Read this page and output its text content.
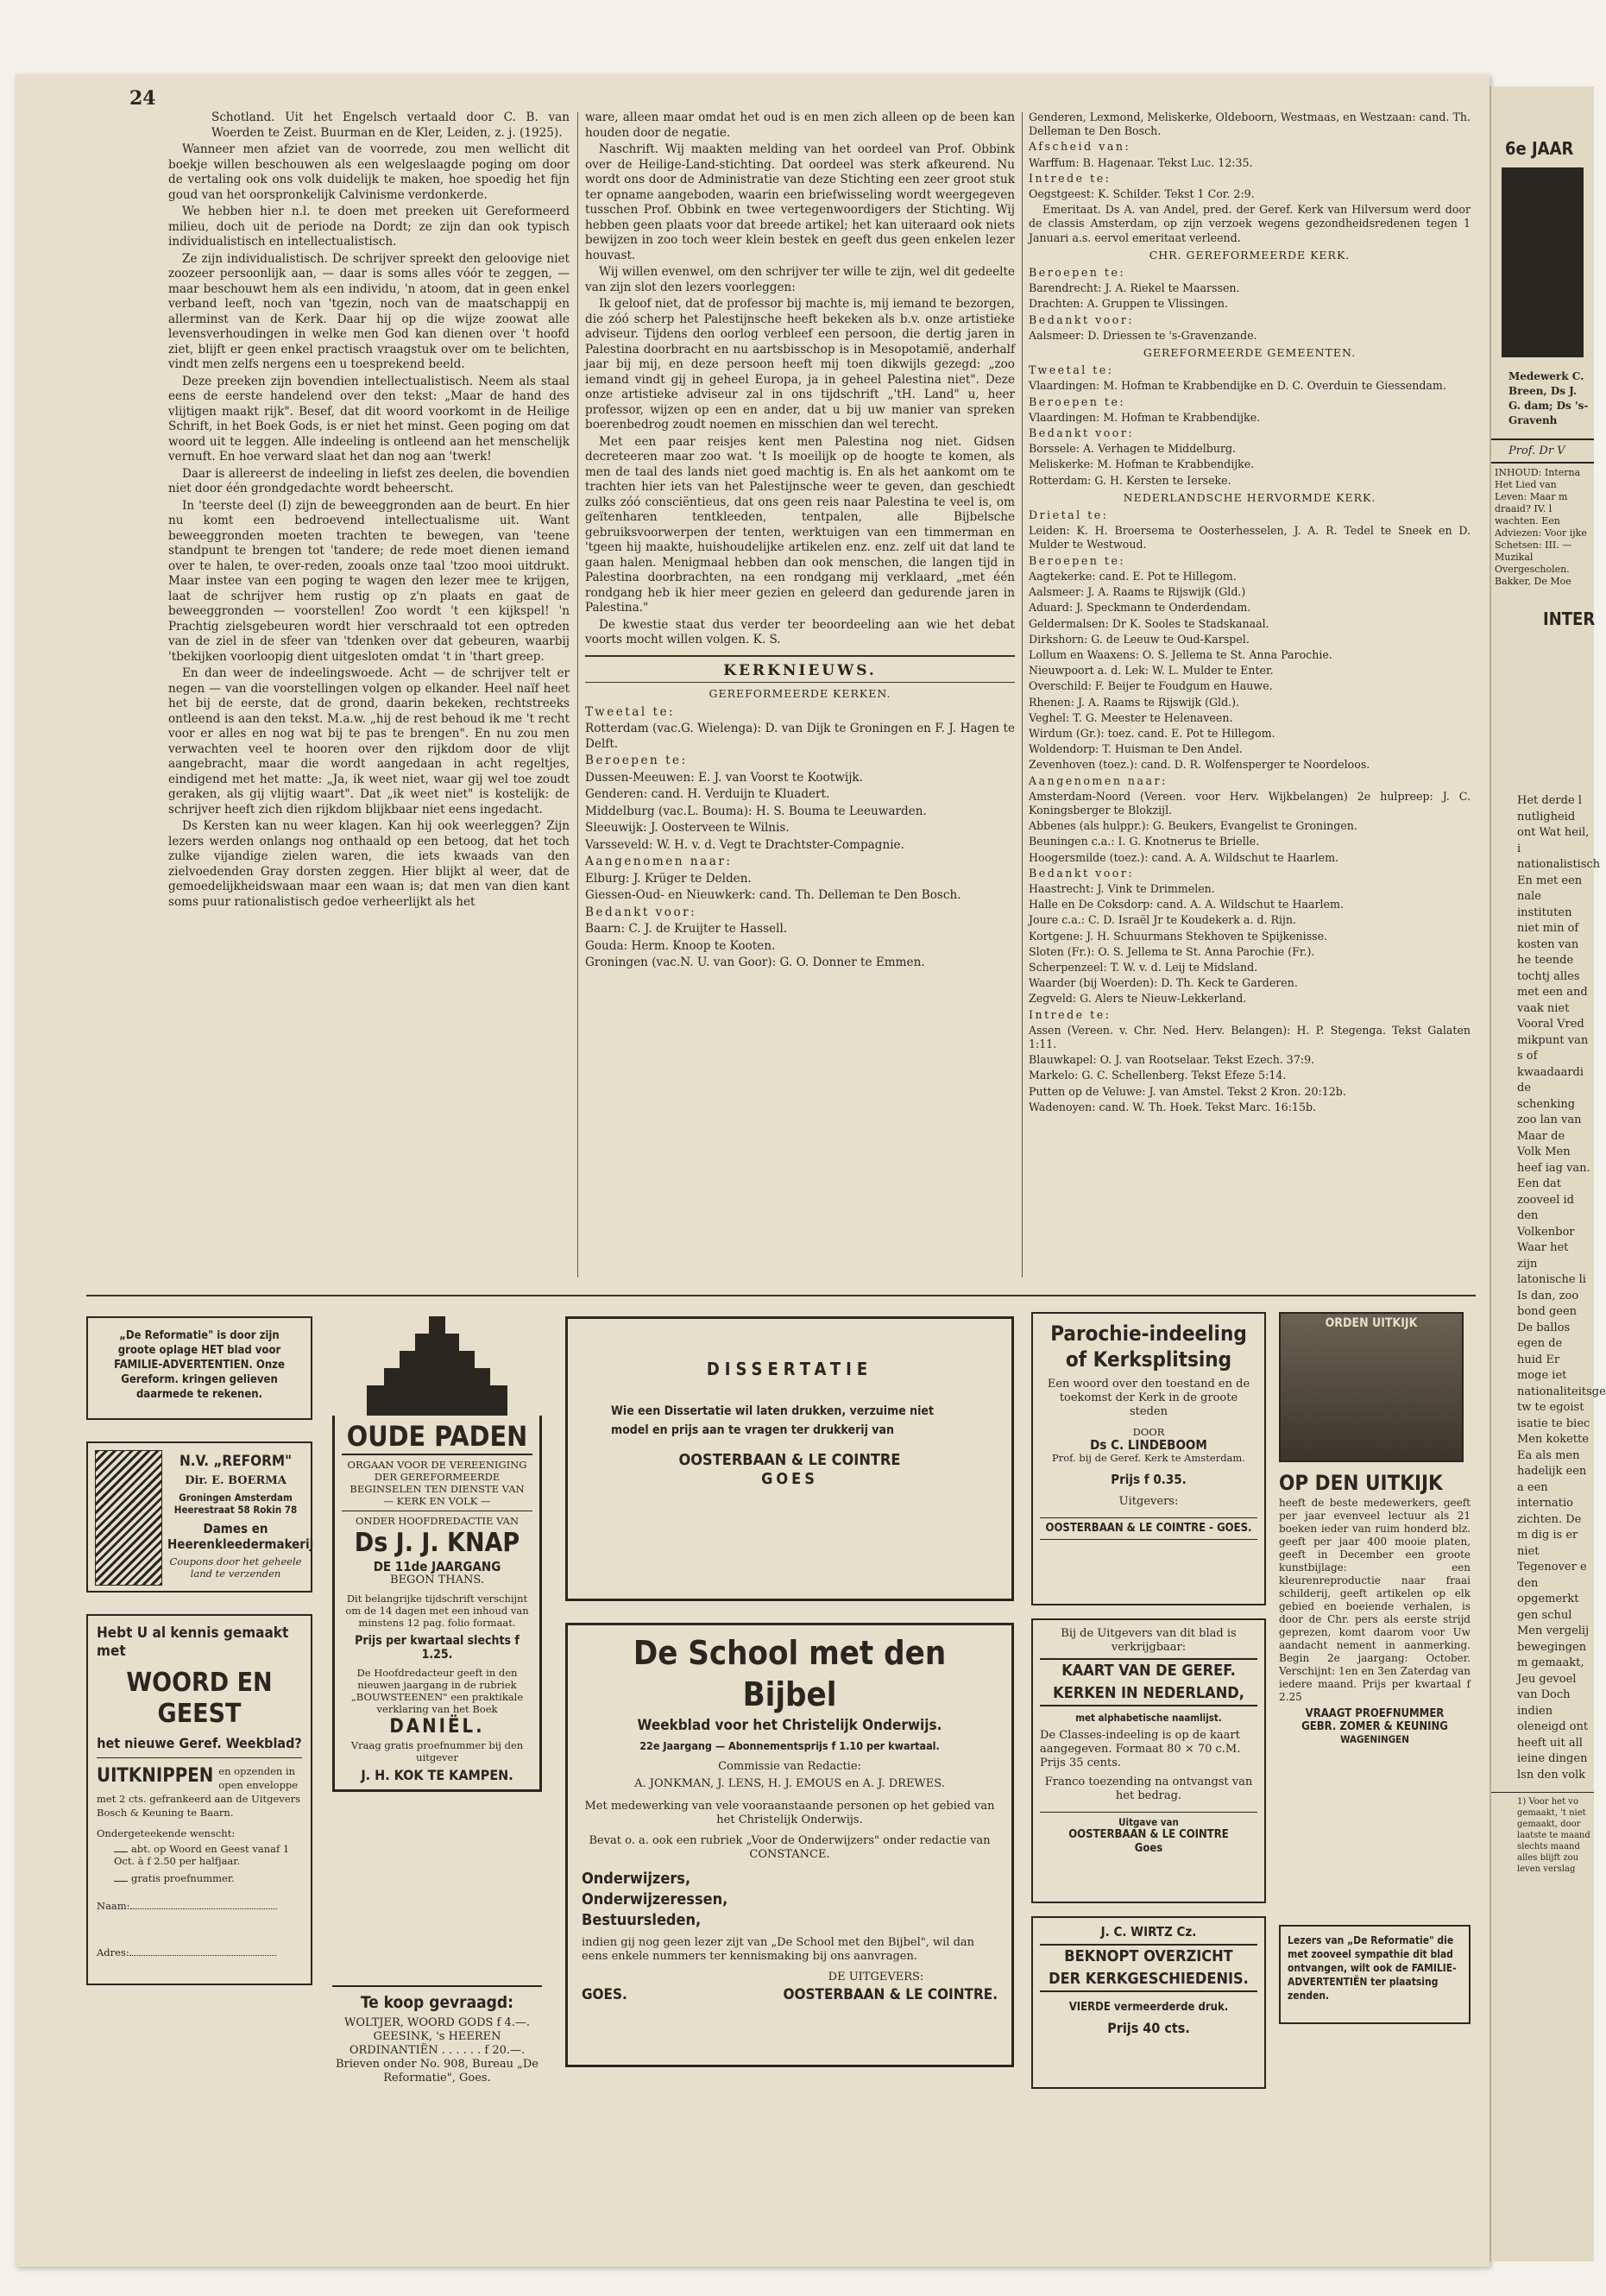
24

Schotland. Uit het Engelsch vertaald door C. B. van Woerden te Zeist. Buurman en de Kler, Leiden, z. j. (1925).

Wanneer men afziet van de voorrede, zou men wellicht dit boekje willen beschouwen als een welgeslaagde poging om door de vertaling ook ons volk duidelijk te maken, hoe spoedig het fijn goud van het oorspronkelijk Calvinisme verdonkerde.

We hebben hier n.l. te doen met preeken uit Gereformeerd milieu, doch uit de periode na Dordt; ze zijn dan ook typisch individualistisch en intellectualistisch.

Ze zijn individualistisch. De schrijver spreekt den geloovige niet zoozeer persoonlijk aan, — daar is soms alles vóór te zeggen, — maar beschouwt hem als een individu, 'n atoom, dat in geen enkel verband leeft, noch van 'tgezin, noch van de maatschappij en allerminst van de Kerk. Daar hij op die wijze zoowat alle levensverhoudingen in welke men God kan dienen over 't hoofd ziet, blijft er geen enkel practisch vraagstuk over om te belichten, vindt men zelfs nergens een u toesprekend beeld.

Deze preeken zijn bovendien intellectualistisch. Neem als staal eens de eerste handelend over den tekst: „Maar de hand des vlijtigen maakt rijk". Besef, dat dit woord voorkomt in de Heilige Schrift, in het Boek Gods, is er niet het minst. Geen poging om dat woord uit te leggen. Alle indeeling is ontleend aan het menschelijk vernuft. En hoe verward slaat het dan nog aan 'twerk!

Daar is allereerst de indeeling in liefst zes deelen, die bovendien niet door één grondgedachte wordt beheerscht.

In 'teerste deel (I) zijn de beweeggronden aan de beurt. En hier nu komt een bedroevend intellectualisme uit. Want beweeggronden moeten trachten te bewegen, van 'teene standpunt te brengen tot 'tandere; de rede moet dienen iemand over te halen, te over-reden, zooals onze taal 'tzoo mooi uitdrukt. Maar instee van een poging te wagen den lezer mee te krijgen, laat de schrijver hem rustig op z'n plaats en gaat de beweeggronden — voorstellen! Zoo wordt 't een kijkspel! 'n Prachtig zielsgebeuren wordt hier verschraald tot een optreden van de ziel in de sfeer van 'tdenken over dat gebeuren, waarbij 'tbekijken voorloopig dient uitgesloten omdat 't in 'thart greep.

En dan weer de indeelingswoede. Acht — de schrijver telt er negen — van die voorstellingen volgen op elkander. Heel naïf heet het bij de eerste, dat de grond, daarin bekeken, rechtstreeks ontleend is aan den tekst. M.a.w. „hij de rest behoud ik me 't recht voor er alles en nog wat bij te pas te brengen". En nu zou men verwachten veel te hooren over den rijkdom door de vlijt aangebracht, maar die wordt aangedaan in acht regeltjes, eindigend met het matte: „Ja, ik weet niet, waar gij wel toe zoudt geraken, als gij vlijtig waart". Dat „ik weet niet" is kostelijk: de schrijver heeft zich dien rijkdom blijkbaar niet eens ingedacht.

Ds Kersten kan nu weer klagen. Kan hij ook weerleggen? Zijn lezers werden onlangs nog onthaald op een betoog, dat het toch zulke vijandige zielen waren, die iets kwaads van den zielvoedenden Gray dorsten zeggen. Hier blijkt al weer, dat de gemoedelijkheidswaan maar een waan is; dat men van dien kant soms puur rationalistisch gedoe verheerlijkt als het

ware, alleen maar omdat het oud is en men zich alleen op de been kan houden door de negatie.

Naschrift. Wij maakten melding van het oordeel van Prof. Obbink over de Heilige-Land-stichting. Dat oordeel was sterk afkeurend. Nu wordt ons door de Administratie van deze Stichting een zeer groot stuk ter opname aangeboden, waarin een briefwisseling wordt weergegeven tusschen Prof. Obbink en twee vertegenwoordigers der Stichting. Wij hebben geen plaats voor dat breede artikel; het kan uiteraard ook niets bewijzen in zoo toch weer klein bestek en geeft dus geen enkelen lezer houvast.

Wij willen evenwel, om den schrijver ter wille te zijn, wel dit gedeelte van zijn slot den lezers voorleggen:

Ik geloof niet, dat de professor bij machte is, mij iemand te bezorgen, die zóó scherp het Palestijnsche heeft bekeken als b.v. onze artistieke adviseur. Tijdens den oorlog verbleef een persoon, die dertig jaren in Palestina doorbracht en nu aartsbisschop is in Mesopotamië, anderhalf jaar bij mij, en deze persoon heeft mij toen dikwijls gezegd: „zoo iemand vindt gij in geheel Europa, ja in geheel Palestina niet". Deze onze artistieke adviseur zal in ons tijdschrift „'tH. Land" u, heer professor, wijzen op een en ander, dat u bij uw manier van spreken boerenbedrog zoudt noemen en misschien dan wel terecht.

Met een paar reisjes kent men Palestina nog niet. Gidsen decreteeren maar zoo wat. 't Is moeilijk op de hoogte te komen, als men de taal des lands niet goed machtig is. En als het aankomt om te trachten hier iets van het Palestijnsche weer te geven, dan geschiedt zulks zóó consciëntieus, dat ons geen reis naar Palestina te veel is, om geïtenharen tentkleeden, tentpalen, alle Bijbelsche gebruiksvoorwerpen der tenten, werktuigen van een timmerman en 'tgeen hij maakte, huishoudelijke artikelen enz. enz. zelf uit dat land te gaan halen. Menigmaal hebben dan ook menschen, die langen tijd in Palestina doorbrachten, na een rondgang mij verklaard, „met één rondgang heb ik hier meer gezien en geleerd dan gedurende jaren in Palestina."

De kwestie staat dus verder ter beoordeeling aan wie het debat voorts mocht willen volgen. K. S.

KERKNIEUWS.
GEREFORMEERDE KERKEN.

Tweetal te:

Rotterdam (vac.G. Wielenga): D. van Dijk te Groningen en F. J. Hagen te Delft.

Beroepen te:

Dussen-Meeuwen: E. J. van Voorst te Kootwijk.

Genderen: cand. H. Verduijn te Kluadert.

Middelburg (vac.L. Bouma): H. S. Bouma te Leeuwarden.

Sleeuwijk: J. Oosterveen te Wilnis.

Varsseveld: W. H. v. d. Vegt te Drachtster-Compagnie.

Aangenomen naar:

Elburg: J. Krüger te Delden.

Giessen-Oud- en Nieuwkerk: cand. Th. Delleman te Den Bosch.

Bedankt voor:

Baarn: C. J. de Kruijter te Hassell.

Gouda: Herm. Knoop te Kooten.

Groningen (vac.N. U. van Goor): G. O. Donner te Emmen.

Genderen, Lexmond, Meliskerke, Oldeboorn, Westmaas, en Westzaan: cand. Th. Delleman te Den Bosch.

Afscheid van:

Warffum: B. Hagenaar. Tekst Luc. 12:35.

Intrede te:

Oegstgeest: K. Schilder. Tekst 1 Cor. 2:9.

Emeritaat. Ds A. van Andel, pred. der Geref. Kerk van Hilversum werd door de classis Amsterdam, op zijn verzoek wegens gezondheidsredenen tegen 1 Januari a.s. eervol emeritaat verleend.

CHR. GEREFORMEERDE KERK.

Beroepen te:

Barendrecht: J. A. Riekel te Maarssen.

Drachten: A. Gruppen te Vlissingen.

Bedankt voor:

Aalsmeer: D. Driessen te 's-Gravenzande.

GEREFORMEERDE GEMEENTEN.

Tweetal te:

Vlaardingen: M. Hofman te Krabbendijke en D. C. Overduin te Giessendam.

Beroepen te:

Vlaardingen: M. Hofman te Krabbendijke.

Bedankt voor:

Borssele: A. Verhagen te Middelburg.

Meliskerke: M. Hofman te Krabbendijke.

Rotterdam: G. H. Kersten te Ierseke.

NEDERLANDSCHE HERVORMDE KERK.

Drietal te:

Leiden: K. H. Broersema te Oosterhesselen, J. A. R. Tedel te Sneek en D. Mulder te Westwoud.

Beroepen te:

Aagtekerke: cand. E. Pot te Hillegom.

Aalsmeer: J. A. Raams te Rijswijk (Gld.)

Aduard: J. Speckmann te Onderdendam.

Geldermalsen: Dr K. Sooles te Stadskanaal.

Dirkshorn: G. de Leeuw te Oud-Karspel.

Lollum en Waaxens: O. S. Jellema te St. Anna Parochie.

Nieuwpoort a. d. Lek: W. L. Mulder te Enter.

Overschild: F. Beijer te Foudgum en Hauwe.

Rhenen: J. A. Raams te Rijswijk (Gld.).

Veghel: T. G. Meester te Helenaveen.

Wirdum (Gr.): toez. cand. E. Pot te Hillegom.

Woldendorp: T. Huisman te Den Andel.

Zevenhoven (toez.): cand. D. R. Wolfensperger te Noordeloos.

Aangenomen naar:

Amsterdam-Noord (Vereen. voor Herv. Wijkbelangen) 2e hulpreep: J. C. Koningsberger te Blokzijl.

Abbenes (als hulppr.): G. Beukers, Evangelist te Groningen.

Beuningen c.a.: I. G. Knotnerus te Brielle.

Hoogersmilde (toez.): cand. A. A. Wildschut te Haarlem.

Bedankt voor:

Haastrecht: J. Vink te Drimmelen.

Halle en De Coksdorp: cand. A. A. Wildschut te Haarlem.

Joure c.a.: C. D. Israël Jr te Koudekerk a. d. Rijn.

Kortgene: J. H. Schuurmans Stekhoven te Spijkenisse.

Sloten (Fr.): O. S. Jellema te St. Anna Parochie (Fr.).

Scherpenzeel: T. W. v. d. Leij te Midsland.

Waarder (bij Woerden): D. Th. Keck te Garderen.

Zegveld: G. Alers te Nieuw-Lekkerland.

Intrede te:

Assen (Vereen. v. Chr. Ned. Herv. Belangen): H. P. Stegenga. Tekst Galaten 1:11.

Blauwkapel: O. J. van Rootselaar. Tekst Ezech. 37:9.

Markelo: G. C. Schellenberg. Tekst Efeze 5:14.

Putten op de Veluwe: J. van Amstel. Tekst 2 Kron. 20:12b.

Wadenoyen: cand. W. Th. Hoek. Tekst Marc. 16:15b.

„De Reformatie" is door zijn groote oplage HET blad voor FAMILIE-ADVERTENTIEN. Onze Gereform. kringen gelieven daarmede te rekenen.
N.V. „REFORM"
Dir. E. BOERMA
Groningen Amsterdam Heerestraat 58 Rokin 78
Dames en Heerenkleedermakerij
Coupons door het geheele land te verzenden
Hebt U al kennis gemaakt met
WOORD EN GEEST
het nieuwe Geref. Weekblad?
UITKNIPPEN en opzenden in open enveloppe met 2 cts. gefrankeerd aan de Uitgevers Bosch & Keuning te Baarn.
Ondergeteekende wenscht:
abt. op Woord en Geest vanaf 1 Oct. à f 2.50 per halfjaar.
gratis proefnummer.
Naam:
Adres:
OUDE PADEN
ORGAAN VOOR DE VEREENIGING DER GEREFORMEERDE BEGINSELEN TEN DIENSTE VAN
— KERK EN VOLK —
ONDER HOOFDREDACTIE VAN
Ds J. J. KNAP
DE 11de JAARGANG
BEGON THANS.
Dit belangrijke tijdschrift verschijnt om de 14 dagen met een inhoud van minstens 12 pag. folio formaat.
Prijs per kwartaal slechts f 1.25.
De Hoofdredacteur geeft in den nieuwen jaargang in de rubriek „BOUWSTEENEN" een praktikale verklaring van het Boek
DANIËL.
Vraag gratis proefnummer bij den uitgever
J. H. KOK TE KAMPEN.
Te koop gevraagd:
WOLTJER, WOORD GODS f 4.—. GEESINK, 's HEEREN ORDINANTIËN . . . . . . f 20.—. Brieven onder No. 908, Bureau „De Reformatie", Goes.
DISSERTATIE
Wie een Dissertatie wil laten drukken, verzuime niet model en prijs aan te vragen ter drukkerij van
OOSTERBAAN & LE COINTRE
GOES
De School met den Bijbel
Weekblad voor het Christelijk Onderwijs.
22e Jaargang — Abonnementsprijs f 1.10 per kwartaal.
Commissie van Redactie:
A. JONKMAN, J. LENS, H. J. EMOUS en A. J. DREWES.
Met medewerking van vele vooraanstaande personen op het gebied van het Christelijk Onderwijs.
Bevat o. a. ook een rubriek „Voor de Onderwijzers" onder redactie van CONSTANCE.
Onderwijzers, Onderwijzeressen, Bestuursleden,
indien gij nog geen lezer zijt van „De School met den Bijbel", wil dan eens enkele nummers ter kennismaking bij ons aanvragen.
DE UITGEVERS:
GOES.	OOSTERBAAN & LE COINTRE.
Parochie-indeeling
of Kerksplitsing
Een woord over den toestand en de toekomst der Kerk in de groote steden
DOOR
Ds C. LINDEBOOM
Prof. bij de Geref. Kerk te Amsterdam.
Prijs f 0.35.
Uitgevers:
OOSTERBAAN & LE COINTRE - GOES.
Bij de Uitgevers van dit blad is verkrijgbaar:
KAART VAN DE GEREF.
KERKEN IN NEDERLAND,
met alphabetische naamlijst.
De Classes-indeeling is op de kaart aangegeven. Formaat 80 × 70 c.M. Prijs 35 cents.
Franco toezending na ontvangst van het bedrag.
Uitgave van
OOSTERBAAN & LE COINTRE
Goes
J. C. WIRTZ Cz.
BEKNOPT OVERZICHT
DER KERKGESCHIEDENIS.
VIERDE vermeerderde druk.
Prijs 40 cts.
ORDEN UITKIJK
OP DEN UITKIJK
heeft de beste medewerkers, geeft per jaar evenveel lectuur als 21 boeken ieder van ruim honderd blz. geeft per jaar 400 mooie platen, geeft in December een groote kunstbijlage: een kleurenreproductie naar fraai schilderij, geeft artikelen op elk gebied en boeiende verhalen, is door de Chr. pers als eerste strijd geprezen, komt daarom voor Uw aandacht nement in aanmerking. Begin 2e jaargang: October. Verschijnt: 1en en 3en Zaterdag van iedere maand. Prijs per kwartaal f 2.25
VRAAGT PROEFNUMMER
GEBR. ZOMER & KEUNING
WAGENINGEN
Lezers van „De Reformatie" die met zooveel sympathie dit blad ontvangen, wilt ook de FAMILIE-ADVERTENTIËN ter plaatsing zenden.
6e JAAR
Medewerk C. Breen, Ds J. G. dam; Ds 's-Gravenh
Prof. Dr V
INHOUD: Interna Het Lied van Leven: Maar m draaid? IV. l wachten. Een Adviezen: Voor ijke Schetsen: III. — Muzikal Overgescholen. Bakker, De Moe
INTER
Het derde l nutligheid ont Wat heil, i nationalistisch En met een nale instituten niet min of kosten van he teende tochtj alles met een and vaak niet Vooral Vred mikpunt van s of kwaadaardi de schenking zoo lan van Maar de Volk Men heef iag van. Een dat zooveel id den Volkenbor Waar het zijn latonische li Is dan, zoo bond geen De ballos egen de huid Er moge iet nationaliteitsge tw te egoist isatie te biec Men kokette Ea als men hadelijk een a een internatio zichten. De m dig is er niet Tegenover e den opgemerkt gen schul Men vergelij bewegingen m gemaakt, Jeu gevoel van Doch indien oleneigd ont heeft uit all ieine dingen lsn den volk
1) Voor het vo gemaakt, 't niet gemaakt, door laatste te maand slechts maand alles blijft zou leven verslag
